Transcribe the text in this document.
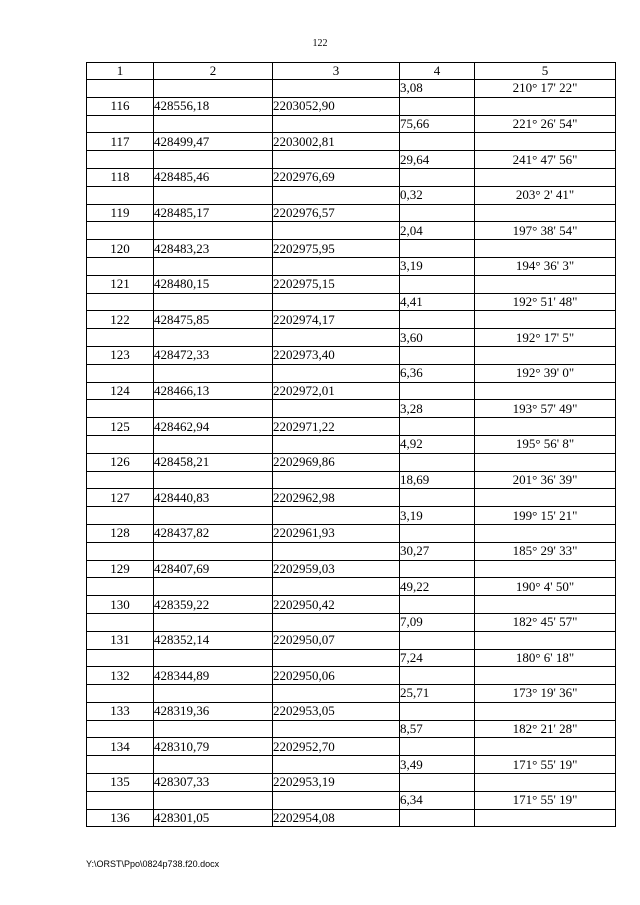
122
1	2	3	4	5
			3,08	210° 17' 22"
116	428556,18	2203052,90		
			75,66	221° 26' 54"
117	428499,47	2203002,81		
			29,64	241° 47' 56"
118	428485,46	2202976,69		
			0,32	203° 2' 41"
119	428485,17	2202976,57		
			2,04	197° 38' 54"
120	428483,23	2202975,95		
			3,19	194° 36' 3"
121	428480,15	2202975,15		
			4,41	192° 51' 48"
122	428475,85	2202974,17		
			3,60	192° 17' 5"
123	428472,33	2202973,40		
			6,36	192° 39' 0"
124	428466,13	2202972,01		
			3,28	193° 57' 49"
125	428462,94	2202971,22		
			4,92	195° 56' 8"
126	428458,21	2202969,86		
			18,69	201° 36' 39"
127	428440,83	2202962,98		
			3,19	199° 15' 21"
128	428437,82	2202961,93		
			30,27	185° 29' 33"
129	428407,69	2202959,03		
			49,22	190° 4' 50"
130	428359,22	2202950,42		
			7,09	182° 45' 57"
131	428352,14	2202950,07		
			7,24	180° 6' 18"
132	428344,89	2202950,06		
			25,71	173° 19' 36"
133	428319,36	2202953,05		
			8,57	182° 21' 28"
134	428310,79	2202952,70		
			3,49	171° 55' 19"
135	428307,33	2202953,19		
			6,34	171° 55' 19"
136	428301,05	2202954,08		
Y:\ORST\Ppo\0824p738.f20.docx
